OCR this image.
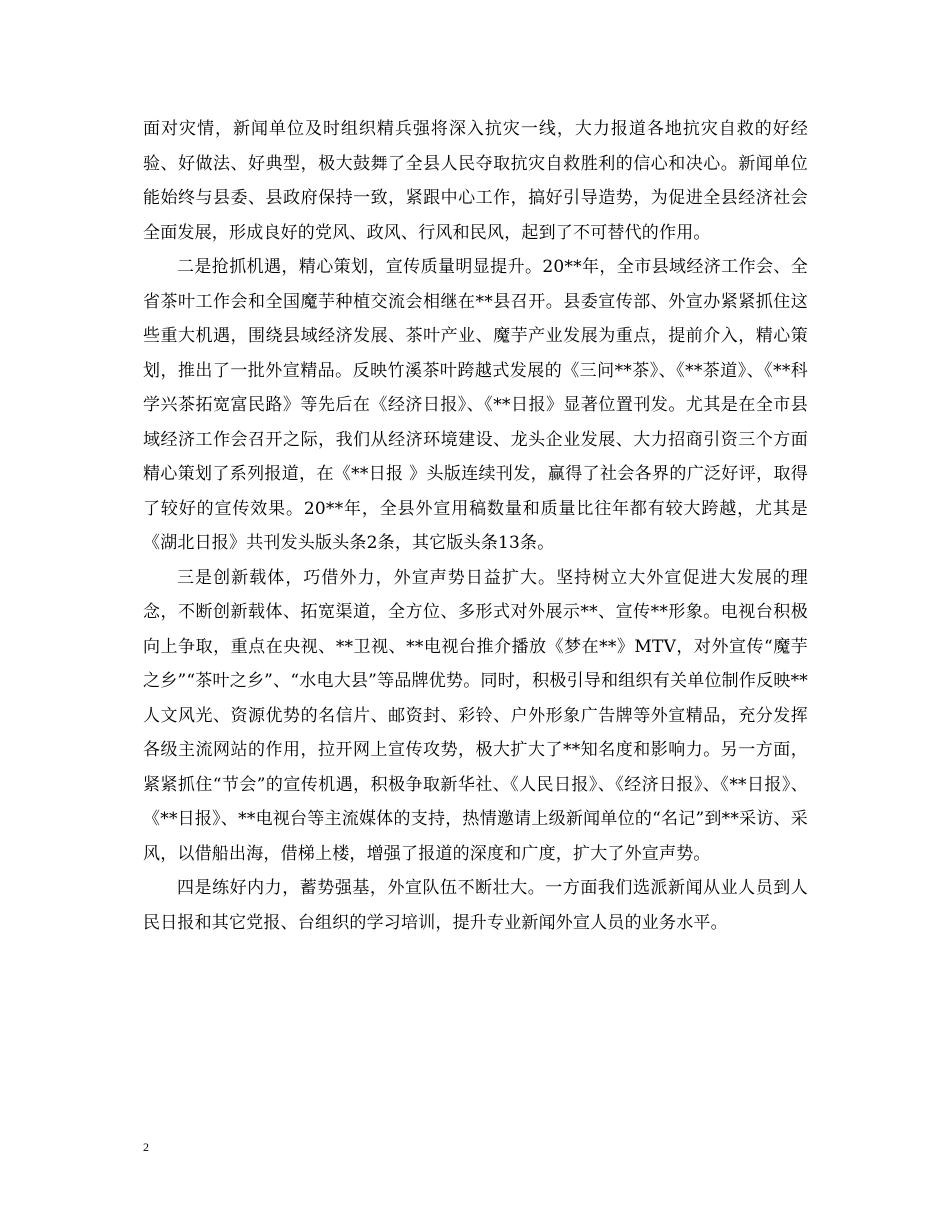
面对灾情，新闻单位及时组织精兵强将深入抗灾一线，大力报道各地抗灾自救的好经验、好做法、好典型，极大鼓舞了全县人民夺取抗灾自救胜利的信心和决心。新闻单位能始终与县委、县政府保持一致，紧跟中心工作，搞好引导造势，为促进全县经济社会全面发展，形成良好的党风、政风、行风和民风，起到了不可替代的作用。

二是抢抓机遇，精心策划，宣传质量明显提升。20**年，全市县域经济工作会、全省茶叶工作会和全国魔芋种植交流会相继在**县召开。县委宣传部、外宣办紧紧抓住这些重大机遇，围绕县域经济发展、茶叶产业、魔芋产业发展为重点，提前介入，精心策划，推出了一批外宣精品。反映竹溪茶叶跨越式发展的《三问**茶》、《**茶道》、《**科学兴茶拓宽富民路》等先后在《经济日报》、《**日报》显著位置刊发。尤其是在全市县域经济工作会召开之际，我们从经济环境建设、龙头企业发展、大力招商引资三个方面精心策划了系列报道，在《**日报 》头版连续刊发，赢得了社会各界的广泛好评，取得了较好的宣传效果。20**年，全县外宣用稿数量和质量比往年都有较大跨越，尤其是《湖北日报》共刊发头版头条2条，其它版头条13条。

三是创新载体，巧借外力，外宣声势日益扩大。坚持树立大外宣促进大发展的理念，不断创新载体、拓宽渠道，全方位、多形式对外展示**、宣传**形象。电视台积极向上争取，重点在央视、**卫视、**电视台推介播放《梦在**》MTV，对外宣传“魔芋之乡”“茶叶之乡”、“水电大县”等品牌优势。同时，积极引导和组织有关单位制作反映**人文风光、资源优势的名信片、邮资封、彩铃、户外形象广告牌等外宣精品，充分发挥各级主流网站的作用，拉开网上宣传攻势，极大扩大了**知名度和影响力。另一方面，紧紧抓住“节会”的宣传机遇，积极争取新华社、《人民日报》、《经济日报》、《**日报》、《**日报》、**电视台等主流媒体的支持，热情邀请上级新闻单位的“名记”到**采访、采风，以借船出海，借梯上楼，增强了报道的深度和广度，扩大了外宣声势。

四是练好内力，蓄势强基，外宣队伍不断壮大。一方面我们选派新闻从业人员到人民日报和其它党报、台组织的学习培训，提升专业新闻外宣人员的业务水平。

2
